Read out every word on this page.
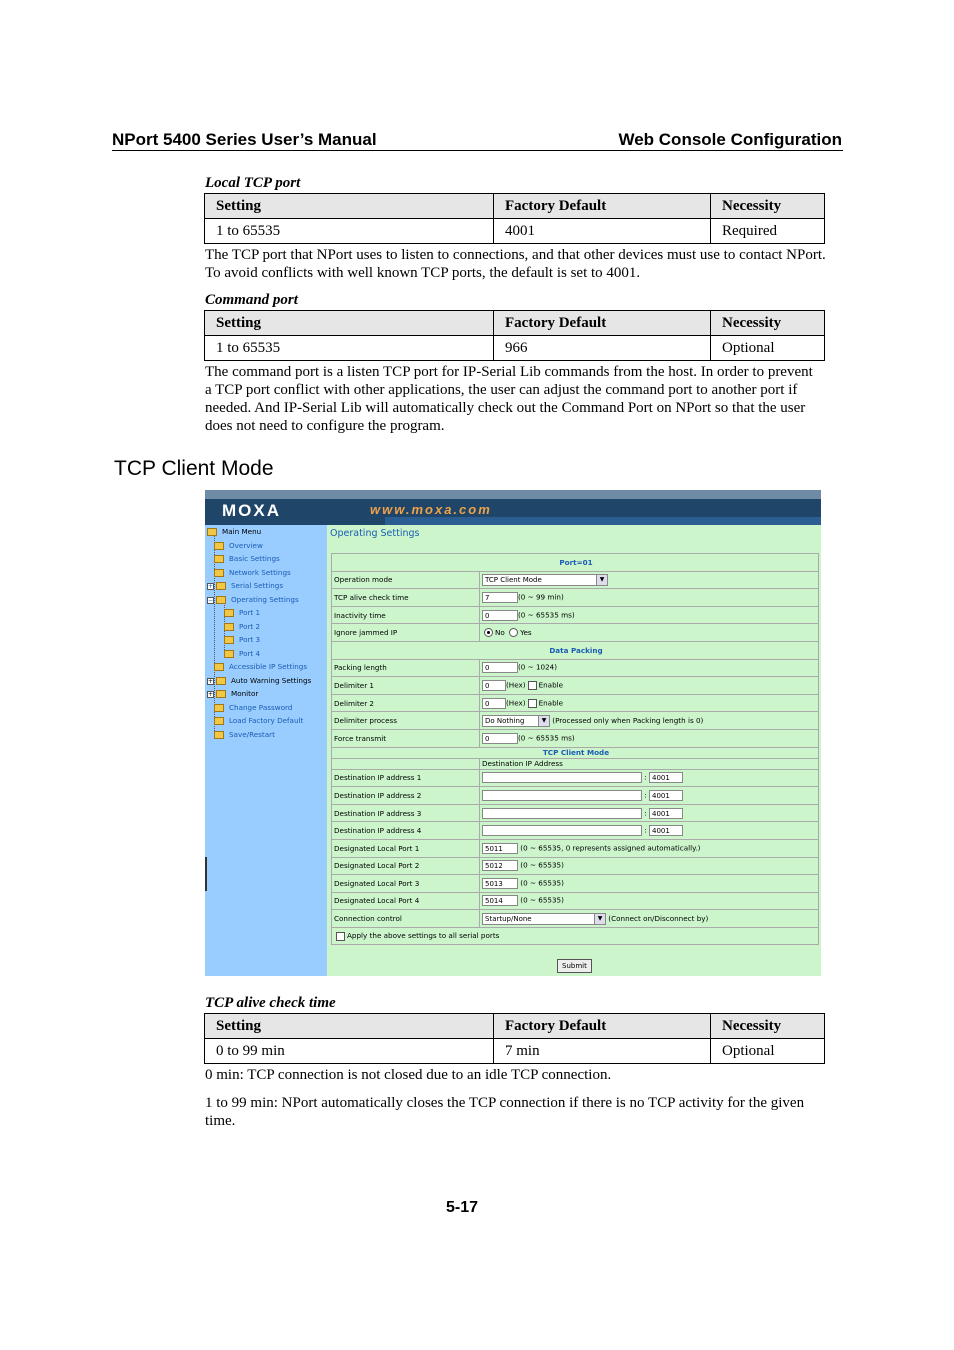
NPort 5400 Series User’s Manual	Web Console Configuration
Local TCP port
Setting	Factory Default	Necessity
1 to 65535	4001	Required
The TCP port that NPort uses to listen to connections, and that other devices must use to contact NPort. To avoid conflicts with well known TCP ports, the default is set to 4001.
Command port
Setting	Factory Default	Necessity
1 to 65535	966	Optional
The command port is a listen TCP port for IP-Serial Lib commands from the host. In order to prevent a TCP port conflict with other applications, the user can adjust the command port to another port if needed. And IP-Serial Lib will automatically check out the Command Port on NPort so that the user does not need to configure the program.
TCP Client Mode
MOXA	www.moxa.com
Main Menu
Overview
Basic Settings
Network Settings
+ Serial Settings
− Operating Settings
Port 1
Port 2
Port 3
Port 4
Accessible IP Settings
+ Auto Warning Settings
+ Monitor
Change Password
Load Factory Default
Save/Restart
Operating Settings
Port=01	
Operation mode	TCP Client Mode ▼

TCP alive check time	7 (0 ~ 99 min)
Inactivity time	0 (0 ~ 65535 ms)
Ignore jammed IP	No Yes
Data Packing	
Packing length	0 (0 ~ 1024)
Delimiter 1	0 (Hex) Enable
Delimiter 2	0 (Hex) Enable
Delimiter process	Do Nothing ▼ (Processed only when Packing length is 0)
Force transmit	0 (0 ~ 65535 ms)
TCP Client Mode	
	Destination IP Address
Destination IP address 1	: 4001
Destination IP address 2	: 4001
Destination IP address 3	: 4001
Destination IP address 4	: 4001
Designated Local Port 1	5011 (0 ~ 65535, 0 represents assigned automatically.)
Designated Local Port 2	5012 (0 ~ 65535)
Designated Local Port 3	5013 (0 ~ 65535)
Designated Local Port 4	5014 (0 ~ 65535)
Connection control	Startup/None ▼ (Connect on/Disconnect by)
Apply the above settings to all serial ports	
Submit
TCP alive check time
Setting	Factory Default	Necessity
0 to 99 min	7 min	Optional
0 min: TCP connection is not closed due to an idle TCP connection.
1 to 99 min: NPort automatically closes the TCP connection if there is no TCP activity for the given time.
5-17
